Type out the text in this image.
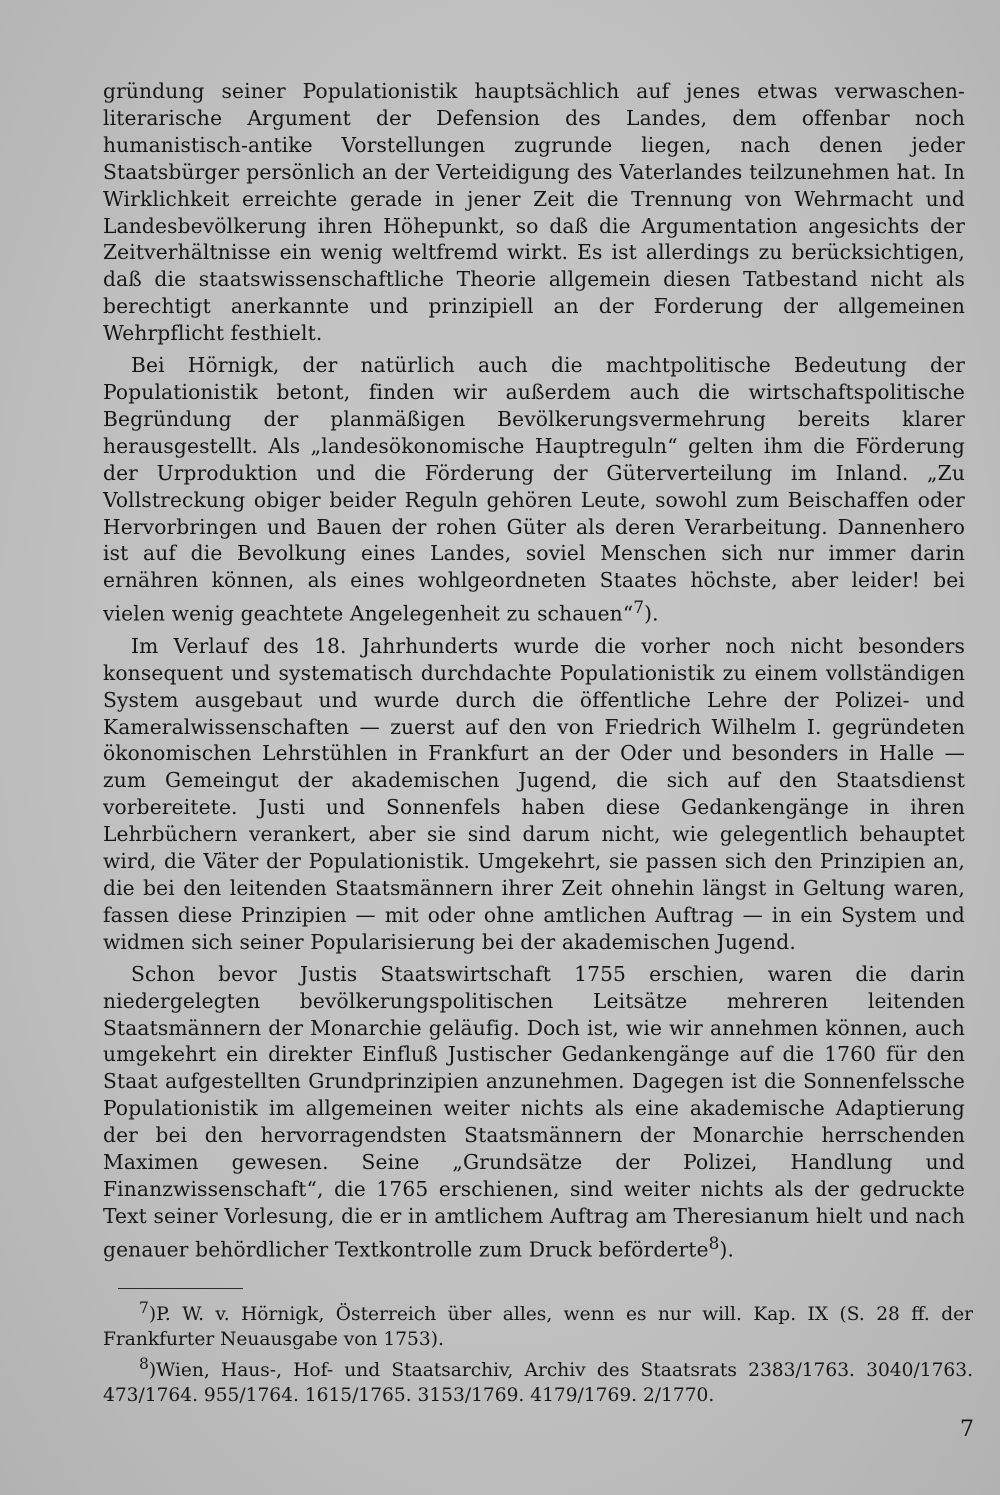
gründung seiner Populationistik hauptsächlich auf jenes etwas verwaschen-literarische Argument der Defension des Landes, dem offenbar noch humanistisch-antike Vorstellungen zugrunde liegen, nach denen jeder Staatsbürger persönlich an der Verteidigung des Vaterlandes teilzunehmen hat. In Wirklichkeit erreichte gerade in jener Zeit die Trennung von Wehrmacht und Landesbevölkerung ihren Höhepunkt, so daß die Argumentation angesichts der Zeitverhältnisse ein wenig weltfremd wirkt. Es ist allerdings zu berücksichtigen, daß die staatswissenschaftliche Theorie allgemein diesen Tatbestand nicht als berechtigt anerkannte und prinzipiell an der Forderung der allgemeinen Wehrpflicht festhielt.

Bei Hörnigk, der natürlich auch die machtpolitische Bedeutung der Populationistik betont, finden wir außerdem auch die wirtschaftspolitische Begründung der planmäßigen Bevölkerungsvermehrung bereits klarer herausgestellt. Als „landesökonomische Hauptreguln“ gelten ihm die Förderung der Urproduktion und die Förderung der Güterverteilung im Inland. „Zu Vollstreckung obiger beider Reguln gehören Leute, sowohl zum Beischaffen oder Hervorbringen und Bauen der rohen Güter als deren Verarbeitung. Dannenhero ist auf die Bevolkung eines Landes, soviel Menschen sich nur immer darin ernähren können, als eines wohlgeordneten Staates höchste, aber leider! bei vielen wenig geachtete Angelegenheit zu schauen“$^7$).

Im Verlauf des 18. Jahrhunderts wurde die vorher noch nicht besonders konsequent und systematisch durchdachte Populationistik zu einem vollständigen System ausgebaut und wurde durch die öffentliche Lehre der Polizei- und Kameralwissenschaften — zuerst auf den von Friedrich Wilhelm I. gegründeten ökonomischen Lehrstühlen in Frankfurt an der Oder und besonders in Halle — zum Gemeingut der akademischen Jugend, die sich auf den Staatsdienst vorbereitete. Justi und Sonnenfels haben diese Gedankengänge in ihren Lehrbüchern verankert, aber sie sind darum nicht, wie gelegentlich behauptet wird, die Väter der Populationistik. Umgekehrt, sie passen sich den Prinzipien an, die bei den leitenden Staatsmännern ihrer Zeit ohnehin längst in Geltung waren, fassen diese Prinzipien — mit oder ohne amtlichen Auftrag — in ein System und widmen sich seiner Popularisierung bei der akademischen Jugend.

Schon bevor Justis Staatswirtschaft 1755 erschien, waren die darin niedergelegten bevölkerungspolitischen Leitsätze mehreren leitenden Staatsmännern der Monarchie geläufig. Doch ist, wie wir annehmen können, auch umgekehrt ein direkter Einfluß Justischer Gedankengänge auf die 1760 für den Staat aufgestellten Grundprinzipien anzunehmen. Dagegen ist die Sonnenfelssche Populationistik im allgemeinen weiter nichts als eine akademische Adaptierung der bei den hervorragendsten Staatsmännern der Monarchie herrschenden Maximen gewesen. Seine „Grundsätze der Polizei, Handlung und Finanzwissenschaft“, die 1765 erschienen, sind weiter nichts als der gedruckte Text seiner Vorlesung, die er in amtlichem Auftrag am Theresianum hielt und nach genauer behördlicher Textkontrolle zum Druck beförderte$^8$).

$^7$)P. W. v. Hörnigk, Österreich über alles, wenn es nur will. Kap. IX (S. 28 ff. der Frankfurter Neuausgabe von 1753).

$^8$)Wien, Haus-, Hof- und Staatsarchiv, Archiv des Staatsrats 2383/1763. 3040/1763. 473/1764. 955/1764. 1615/1765. 3153/1769. 4179/1769. 2/1770.

7
